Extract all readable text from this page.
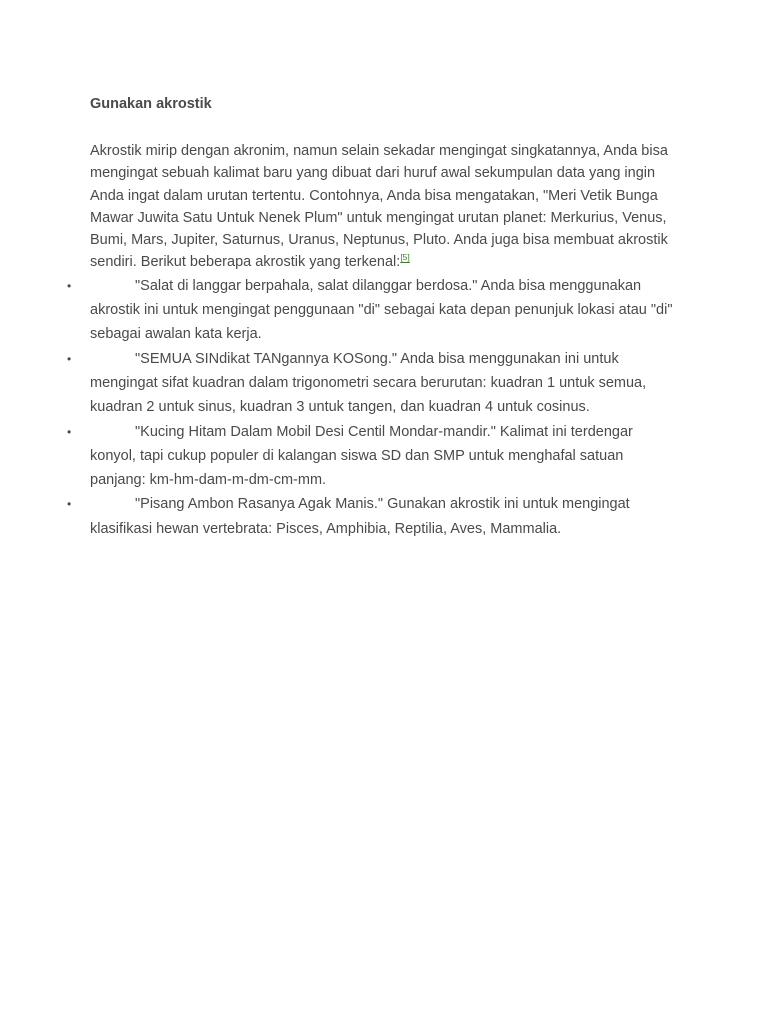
Gunakan akrostik

Akrostik mirip dengan akronim, namun selain sekadar mengingat singkatannya, Anda bisa mengingat sebuah kalimat baru yang dibuat dari huruf awal sekumpulan data yang ingin Anda ingat dalam urutan tertentu. Contohnya, Anda bisa mengatakan, "Meri Vetik Bunga Mawar Juwita Satu Untuk Nenek Plum" untuk mengingat urutan planet: Merkurius, Venus, Bumi, Mars, Jupiter, Saturnus, Uranus, Neptunus, Pluto. Anda juga bisa membuat akrostik sendiri. Berikut beberapa akrostik yang terkenal:[5]

•	"Salat di langgar berpahala, salat dilanggar berdosa." Anda bisa menggunakan akrostik ini untuk mengingat penggunaan "di" sebagai kata depan penunjuk lokasi atau "di" sebagai awalan kata kerja.
•	"SEMUA SINdikat TANgannya KOSong." Anda bisa menggunakan ini untuk mengingat sifat kuadran dalam trigonometri secara berurutan: kuadran 1 untuk semua, kuadran 2 untuk sinus, kuadran 3 untuk tangen, dan kuadran 4 untuk cosinus.
•	"Kucing Hitam Dalam Mobil Desi Centil Mondar-mandir." Kalimat ini terdengar konyol, tapi cukup populer di kalangan siswa SD dan SMP untuk menghafal satuan panjang: km-hm-dam-m-dm-cm-mm.
•	"Pisang Ambon Rasanya Agak Manis." Gunakan akrostik ini untuk mengingat klasifikasi hewan vertebrata: Pisces, Amphibia, Reptilia, Aves, Mammalia.
